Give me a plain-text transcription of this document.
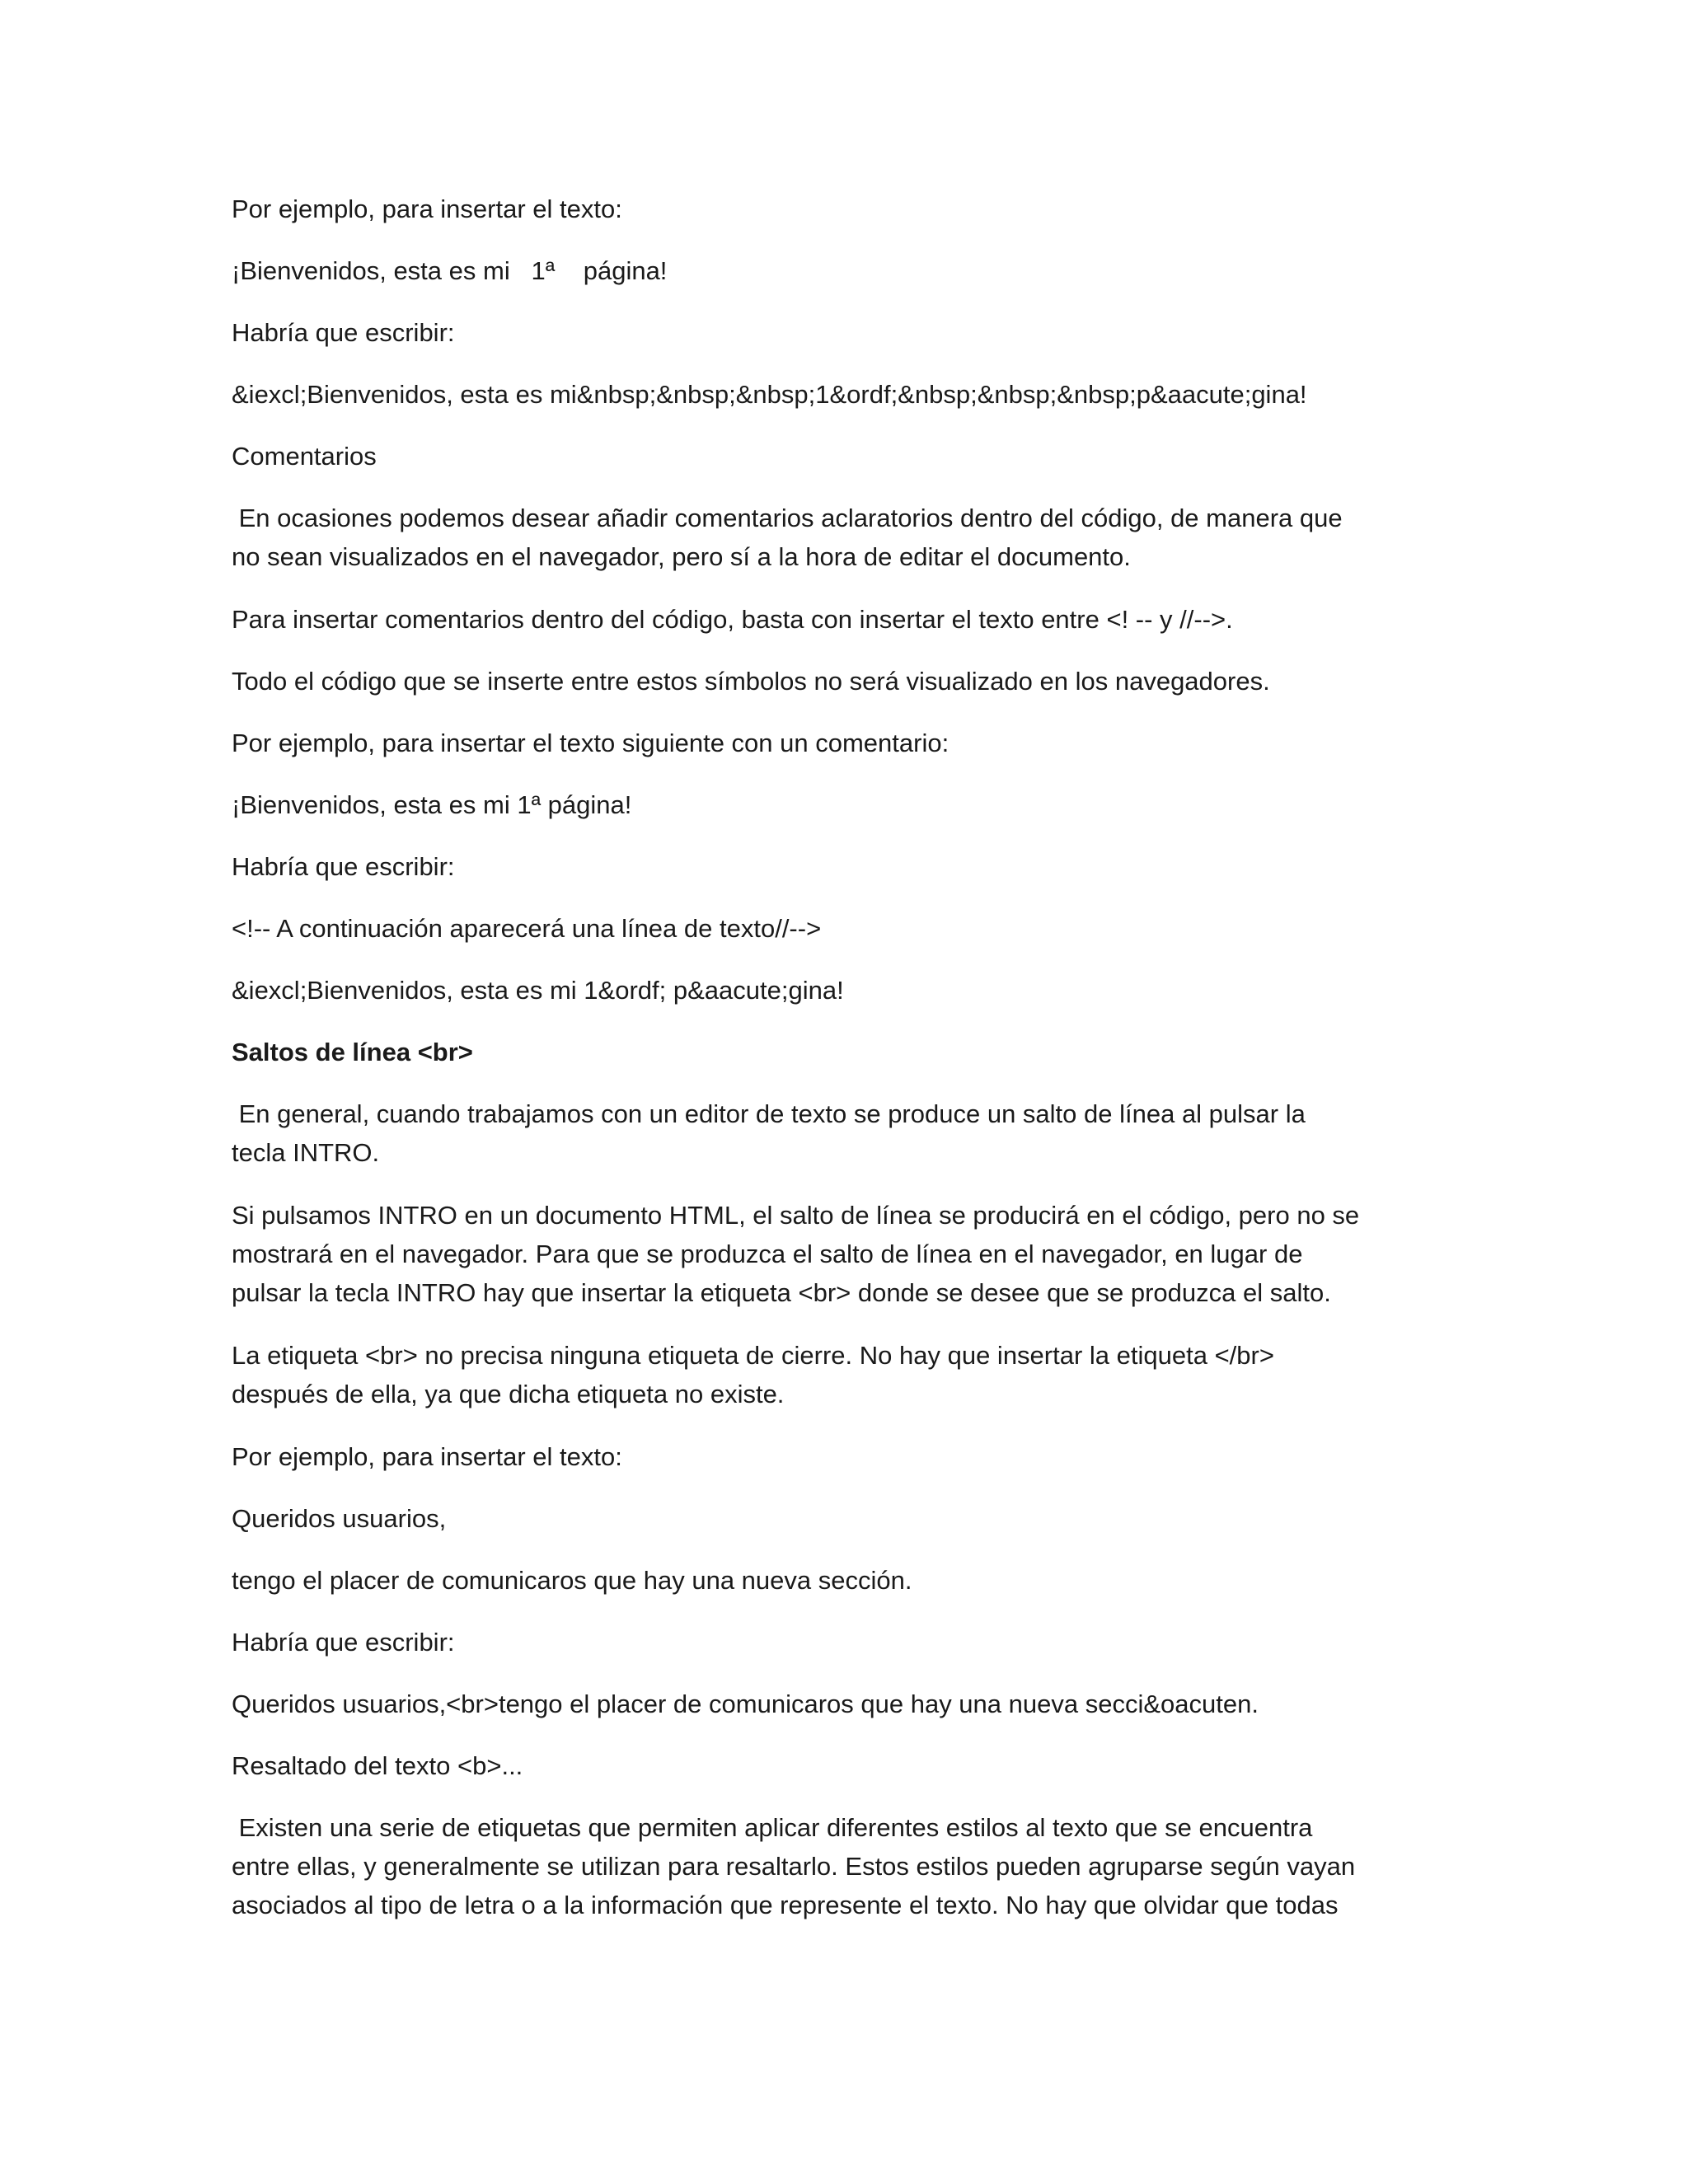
Por ejemplo, para insertar el texto:
¡Bienvenidos, esta es mi   1ª    página!
Habría que escribir:
&iexcl;Bienvenidos, esta es mi&nbsp;&nbsp;&nbsp;1&ordf;&nbsp;&nbsp;&nbsp;p&aacute;gina!
Comentarios
En ocasiones podemos desear añadir comentarios aclaratorios dentro del código, de manera que
no sean visualizados en el navegador, pero sí a la hora de editar el documento.
Para insertar comentarios dentro del código, basta con insertar el texto entre <! -- y //-->.
Todo el código que se inserte entre estos símbolos no será visualizado en los navegadores.
Por ejemplo, para insertar el texto siguiente con un comentario:
¡Bienvenidos, esta es mi 1ª página!
Habría que escribir:
<!-- A continuación aparecerá una línea de texto//-->
&iexcl;Bienvenidos, esta es mi 1&ordf; p&aacute;gina!
Saltos de línea <br>
En general, cuando trabajamos con un editor de texto se produce un salto de línea al pulsar la
tecla INTRO.
Si pulsamos INTRO en un documento HTML, el salto de línea se producirá en el código, pero no se
mostrará en el navegador. Para que se produzca el salto de línea en el navegador, en lugar de
pulsar la tecla INTRO hay que insertar la etiqueta <br> donde se desee que se produzca el salto.
La etiqueta <br> no precisa ninguna etiqueta de cierre. No hay que insertar la etiqueta </br>
después de ella, ya que dicha etiqueta no existe.
Por ejemplo, para insertar el texto:
Queridos usuarios,
tengo el placer de comunicaros que hay una nueva sección.
Habría que escribir:
Queridos usuarios,<br>tengo el placer de comunicaros que hay una nueva secci&oacuten.
Resaltado del texto <b>...
Existen una serie de etiquetas que permiten aplicar diferentes estilos al texto que se encuentra
entre ellas, y generalmente se utilizan para resaltarlo. Estos estilos pueden agruparse según vayan
asociados al tipo de letra o a la información que represente el texto. No hay que olvidar que todas
